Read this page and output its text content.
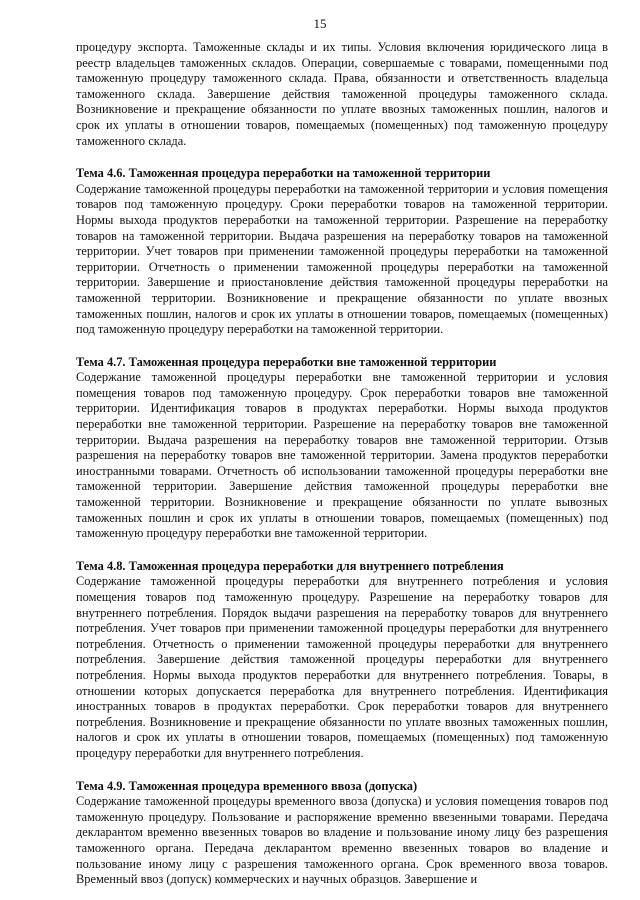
15

процедуру экспорта. Таможенные склады и их типы. Условия включения юридического лица в реестр владельцев таможенных складов. Операции, совершаемые с товарами, помещенными под таможенную процедуру таможенного склада. Права, обязанности и ответственность владельца таможенного склада. Завершение действия таможенной процедуры таможенного склада. Возникновение и прекращение обязанности по уплате ввозных таможенных пошлин, налогов и срок их уплаты в отношении товаров, помещаемых (помещенных) под таможенную процедуру таможенного склада.

Тема 4.6. Таможенная процедура переработки на таможенной территории

Содержание таможенной процедуры переработки на таможенной территории и условия помещения товаров под таможенную процедуру. Сроки переработки товаров на таможенной территории. Нормы выхода продуктов переработки на таможенной территории. Разрешение на переработку товаров на таможенной территории. Выдача разрешения на переработку товаров на таможенной территории. Учет товаров при применении таможенной процедуры переработки на таможенной территории. Отчетность о применении таможенной процедуры переработки на таможенной территории. Завершение и приостановление действия таможенной процедуры переработки на таможенной территории. Возникновение и прекращение обязанности по уплате ввозных таможенных пошлин, налогов и срок их уплаты в отношении товаров, помещаемых (помещенных) под таможенную процедуру переработки на таможенной территории.

Тема 4.7. Таможенная процедура переработки вне таможенной территории

Содержание таможенной процедуры переработки вне таможенной территории и условия помещения товаров под таможенную процедуру. Срок переработки товаров вне таможенной территории. Идентификация товаров в продуктах переработки. Нормы выхода продуктов переработки вне таможенной территории. Разрешение на переработку товаров вне таможенной территории. Выдача разрешения на переработку товаров вне таможенной территории. Отзыв разрешения на переработку товаров вне таможенной территории. Замена продуктов переработки иностранными товарами. Отчетность об использовании таможенной процедуры переработки вне таможенной территории. Завершение действия таможенной процедуры переработки вне таможенной территории. Возникновение и прекращение обязанности по уплате вывозных таможенных пошлин и срок их уплаты в отношении товаров, помещаемых (помещенных) под таможенную процедуру переработки вне таможенной территории.

Тема 4.8. Таможенная процедура переработки для внутреннего потребления

Содержание таможенной процедуры переработки для внутреннего потребления и условия помещения товаров под таможенную процедуру. Разрешение на переработку товаров для внутреннего потребления. Порядок выдачи разрешения на переработку товаров для внутреннего потребления. Учет товаров при применении таможенной процедуры переработки для внутреннего потребления. Отчетность о применении таможенной процедуры переработки для внутреннего потребления. Завершение действия таможенной процедуры переработки для внутреннего потребления. Нормы выхода продуктов переработки для внутреннего потребления. Товары, в отношении которых допускается переработка для внутреннего потребления. Идентификация иностранных товаров в продуктах переработки. Срок переработки товаров для внутреннего потребления. Возникновение и прекращение обязанности по уплате ввозных таможенных пошлин, налогов и срок их уплаты в отношении товаров, помещаемых (помещенных) под таможенную процедуру переработки для внутреннего потребления.

Тема 4.9. Таможенная процедура временного ввоза (допуска)

Содержание таможенной процедуры временного ввоза (допуска) и условия помещения товаров под таможенную процедуру. Пользование и распоряжение временно ввезенными товарами. Передача декларантом временно ввезенных товаров во владение и пользование иному лицу без разрешения таможенного органа. Передача декларантом временно ввезенных товаров во владение и пользование иному лицу с разрешения таможенного органа. Срок временного ввоза товаров. Временный ввоз (допуск) коммерческих и научных образцов. Завершение и
